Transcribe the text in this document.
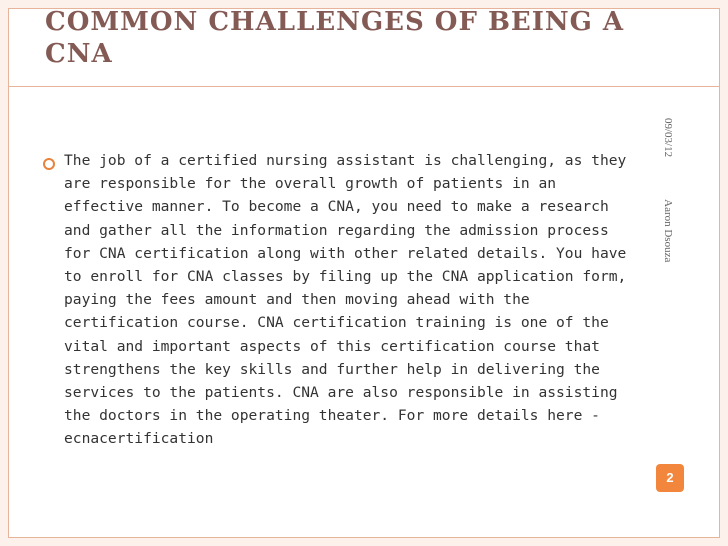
COMMON CHALLENGES OF BEING A CNA

The job of a certified nursing assistant is challenging, as they are responsible for the overall growth of patients in an effective manner. To become a CNA, you need to make a research and gather all the information regarding the admission process for CNA certification along with other related details. You have to enroll for CNA classes by filing up the CNA application form, paying the fees amount and then moving ahead with the certification course. CNA certification training is one of the vital and important aspects of this certification course that strengthens the key skills and further help in delivering the services to the patients. CNA are also responsible in assisting the doctors in the operating theater. For more details here - ecnacertification

09/03/12Aaron Dsouza
2
